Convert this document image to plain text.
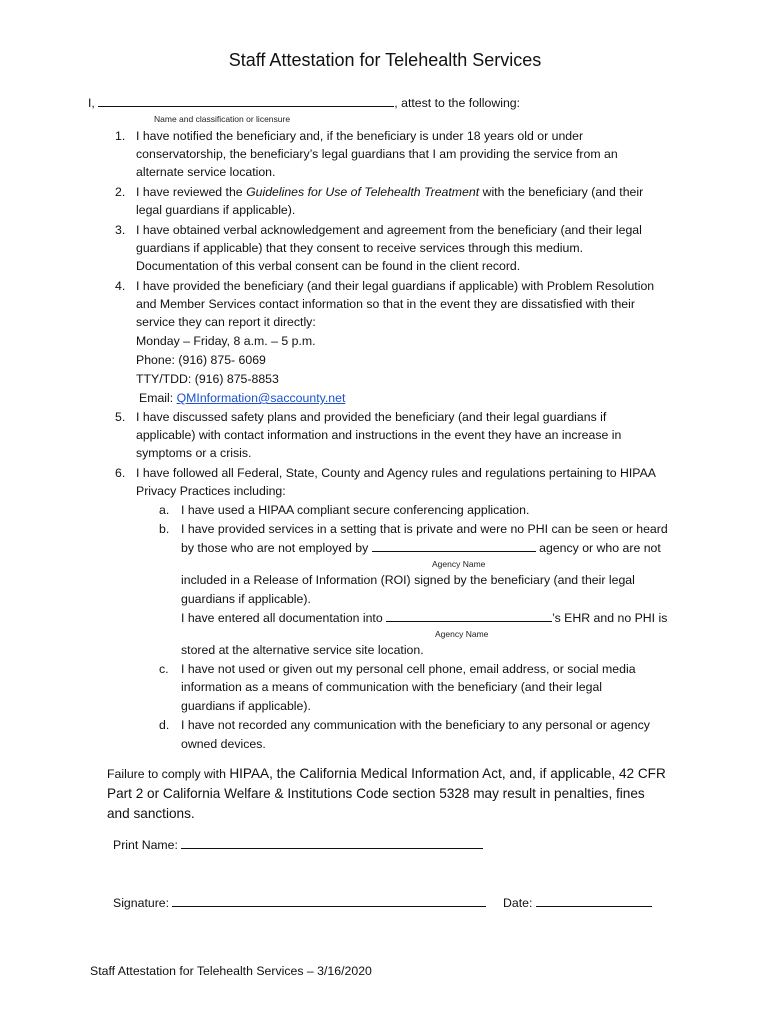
Staff Attestation for Telehealth Services
I,	, attest to the following:
Name and classification or licensure
1. I have notified the beneficiary and, if the beneficiary is under 18 years old or under
conservatorship, the beneficiary’s legal guardians that I am providing the service from an
alternate service location.
2. I have reviewed the Guidelines for Use of Telehealth Treatment with the beneficiary (and their
legal guardians if applicable).
3. I have obtained verbal acknowledgement and agreement from the beneficiary (and their legal
guardians if applicable) that they consent to receive services through this medium.
Documentation of this verbal consent can be found in the client record.
4. I have provided the beneficiary (and their legal guardians if applicable) with Problem Resolution
and Member Services contact information so that in the event they are dissatisfied with their
service they can report it directly:
Monday – Friday, 8 a.m. – 5 p.m.
Phone: (916) 875- 6069
TTY/TDD: (916) 875-8853
Email: QMInformation@saccounty.net
5. I have discussed safety plans and provided the beneficiary (and their legal guardians if
applicable) with contact information and instructions in the event they have an increase in
symptoms or a crisis.
6. I have followed all Federal, State, County and Agency rules and regulations pertaining to HIPAA
Privacy Practices including:
a. I have used a HIPAA compliant secure conferencing application.
b. I have provided services in a setting that is private and were no PHI can be seen or heard
by those who are not employed by	agency or who are not
Agency Name
included in a Release of Information (ROI) signed by the beneficiary (and their legal
guardians if applicable).
I have entered all documentation into	’s EHR and no PHI is
Agency Name
stored at the alternative service site location.
c. I have not used or given out my personal cell phone, email address, or social media
information as a means of communication with the beneficiary (and their legal
guardians if applicable).
d. I have not recorded any communication with the beneficiary to any personal or agency
owned devices.
Failure to comply with HIPAA, the California Medical Information Act, and, if applicable, 42 CFR
Part 2 or California Welfare & Institutions Code section 5328 may result in penalties, fines
and sanctions.
Print Name:
Signature:	Date:
Staff Attestation for Telehealth Services – 3/16/2020
